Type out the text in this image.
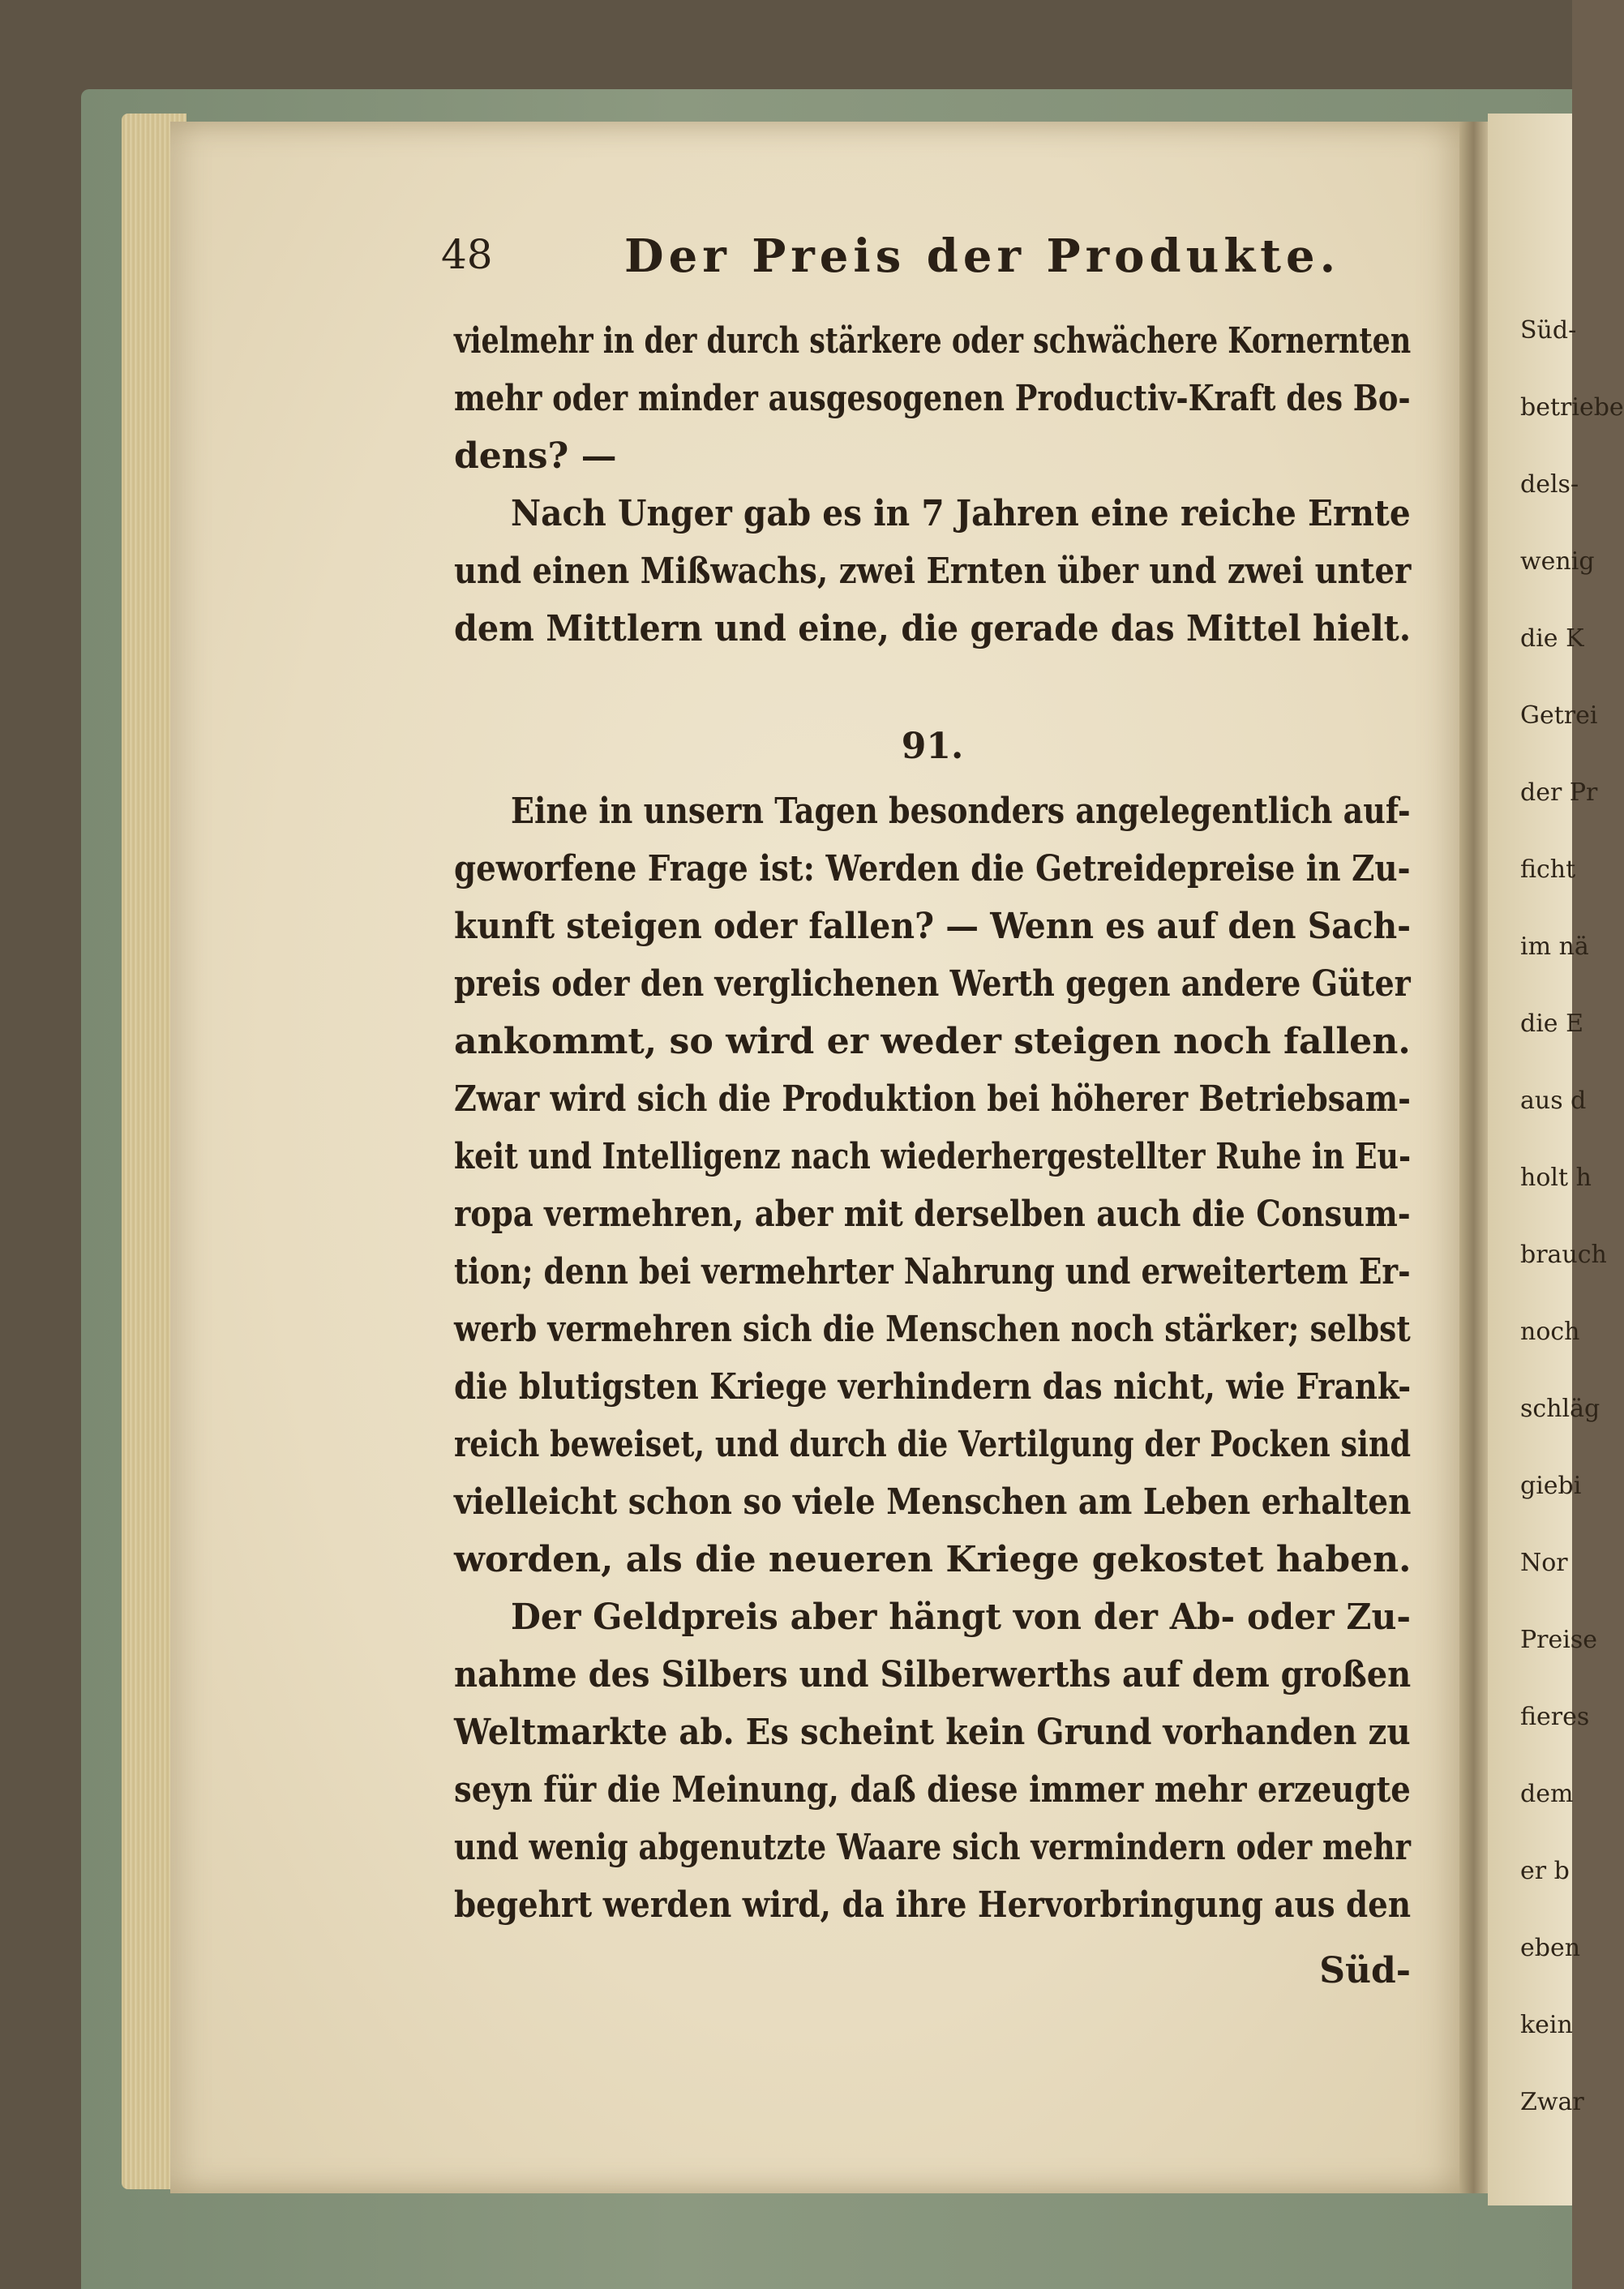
Süd-
betriebe
dels-
wenig
die K
Getrei
der Pr
ficht
im nä
die E
aus d
holt h
brauch
noch
schläg
giebi
Nor
Preise
fieres
dem
er b
eben
kein
Zwar
48	Der Preis der Produkte.
vielmehr in der durch stärkere oder schwächere Kornernten
mehr oder minder ausgesogenen Productiv-Kraft des Bo-
dens? —
Nach Unger gab es in 7 Jahren eine reiche Ernte
und einen Mißwachs, zwei Ernten über und zwei unter
dem Mittlern und eine, die gerade das Mittel hielt.
91.
Eine in unsern Tagen besonders angelegentlich auf-
geworfene Frage ist: Werden die Getreidepreise in Zu-
kunft steigen oder fallen? — Wenn es auf den Sach-
preis oder den verglichenen Werth gegen andere Güter
ankommt, so wird er weder steigen noch fallen.
Zwar wird sich die Produktion bei höherer Betriebsam-
keit und Intelligenz nach wiederhergestellter Ruhe in Eu-
ropa vermehren, aber mit derselben auch die Consum-
tion; denn bei vermehrter Nahrung und erweitertem Er-
werb vermehren sich die Menschen noch stärker; selbst
die blutigsten Kriege verhindern das nicht, wie Frank-
reich beweiset, und durch die Vertilgung der Pocken sind
vielleicht schon so viele Menschen am Leben erhalten
worden, als die neueren Kriege gekostet haben.
Der Geldpreis aber hängt von der Ab- oder Zu-
nahme des Silbers und Silberwerths auf dem großen
Weltmarkte ab. Es scheint kein Grund vorhanden zu
seyn für die Meinung, daß diese immer mehr erzeugte
und wenig abgenutzte Waare sich vermindern oder mehr
begehrt werden wird, da ihre Hervorbringung aus den
Süd-
